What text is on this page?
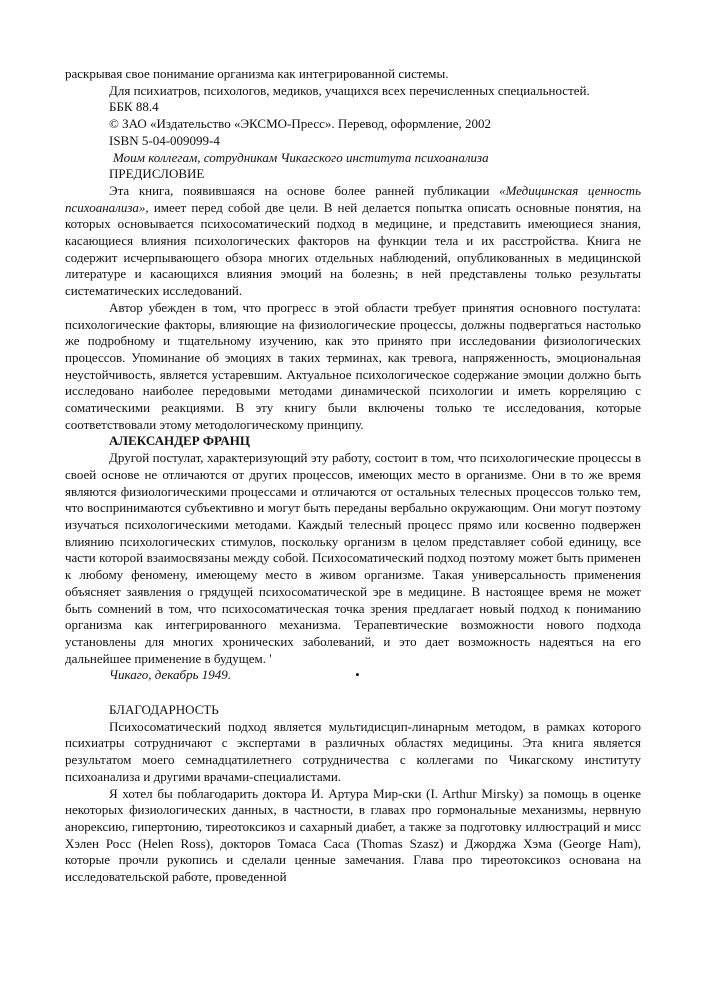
раскрывая свое понимание организма как интегрированной системы.

Для психиатров, психологов, медиков, учащихся всех перечисленных специальностей.

ББК 88.4

© ЗАО «Издательство «ЭКСМО-Пресс». Перевод, оформление, 2002

ISBN 5-04-009099-4

Моим коллегам, сотрудникам Чикагского института психоанализа

ПРЕДИСЛОВИЕ

Эта книга, появившаяся на основе более ранней публикации «Медицинская ценность психоанализа», имеет перед собой две цели. В ней делается попытка описать основные понятия, на которых основывается психосоматический подход в медицине, и представить имеющиеся знания, касающиеся влияния психологических факторов на функции тела и их расстройства. Книга не содержит исчерпывающего обзора многих отдельных наблюдений, опубликованных в медицинской литературе и касающихся влияния эмоций на болезнь; в ней представлены только результаты систематических исследований.

Автор убежден в том, что прогресс в этой области требует принятия основного постулата: психологические факторы, влияющие на физиологические процессы, должны подвергаться настолько же подробному и тщательному изучению, как это принято при исследовании физиологических процессов. Упоминание об эмоциях в таких терминах, как тревога, напряженность, эмоциональная неустойчивость, является устаревшим. Актуальное психологическое содержание эмоции должно быть исследовано наиболее передовыми методами динамической психологии и иметь корреляцию с соматическими реакциями. В эту книгу были включены только те исследования, которые соответствовали этому методологическому принципу.

АЛЕКСАНДЕР ФРАНЦ

Другой постулат, характеризующий эту работу, состоит в том, что психологические процессы в своей основе не отличаются от других процессов, имеющих место в организме. Они в то же время являются физиологическими процессами и отличаются от остальных телесных процессов только тем, что воспринимаются субъективно и могут быть переданы вербально окружающим. Они могут поэтому изучаться психологическими методами. Каждый телесный процесс прямо или косвенно подвержен влиянию психологических стимулов, поскольку организм в целом представляет собой единицу, все части которой взаимосвязаны между собой. Психосоматический подход поэтому может быть применен к любому феномену, имеющему место в живом организме. Такая универсальность применения объясняет заявления о грядущей психосоматической эре в медицине. В настоящее время не может быть сомнений в том, что психосоматическая точка зрения предлагает новый подход к пониманию организма как интегрированного механизма. Терапевтические возможности нового подхода установлены для многих хронических заболеваний, и это дает возможность надеяться на его дальнейшее применение в будущем. '

Чикаго, декабрь 1949.	•

БЛАГОДАРНОСТЬ

Психосоматический подход является мультидисцип-линарным методом, в рамках которого психиатры сотрудничают с экспертами в различных областях медицины. Эта книга является результатом моего семнадцатилетнего сотрудничества с коллегами по Чикагскому институту психоанализа и другими врачами-специалистами.

Я хотел бы поблагодарить доктора И. Артура Мир-ски (I. Arthur Mirsky) за помощь в оценке некоторых физиологических данных, в частности, в главах про гормональные механизмы, нервную анорексию, гипертонию, тиреотоксикоз и сахарный диабет, а также за подготовку иллюстраций и мисс Хэлен Росс (Helen Ross), докторов Томаса Саса (Thomas Szasz) и Джорджа Хэма (George Ham), которые прочли рукопись и сделали ценные замечания. Глава про тиреотоксикоз основана на исследовательской работе, проведенной
